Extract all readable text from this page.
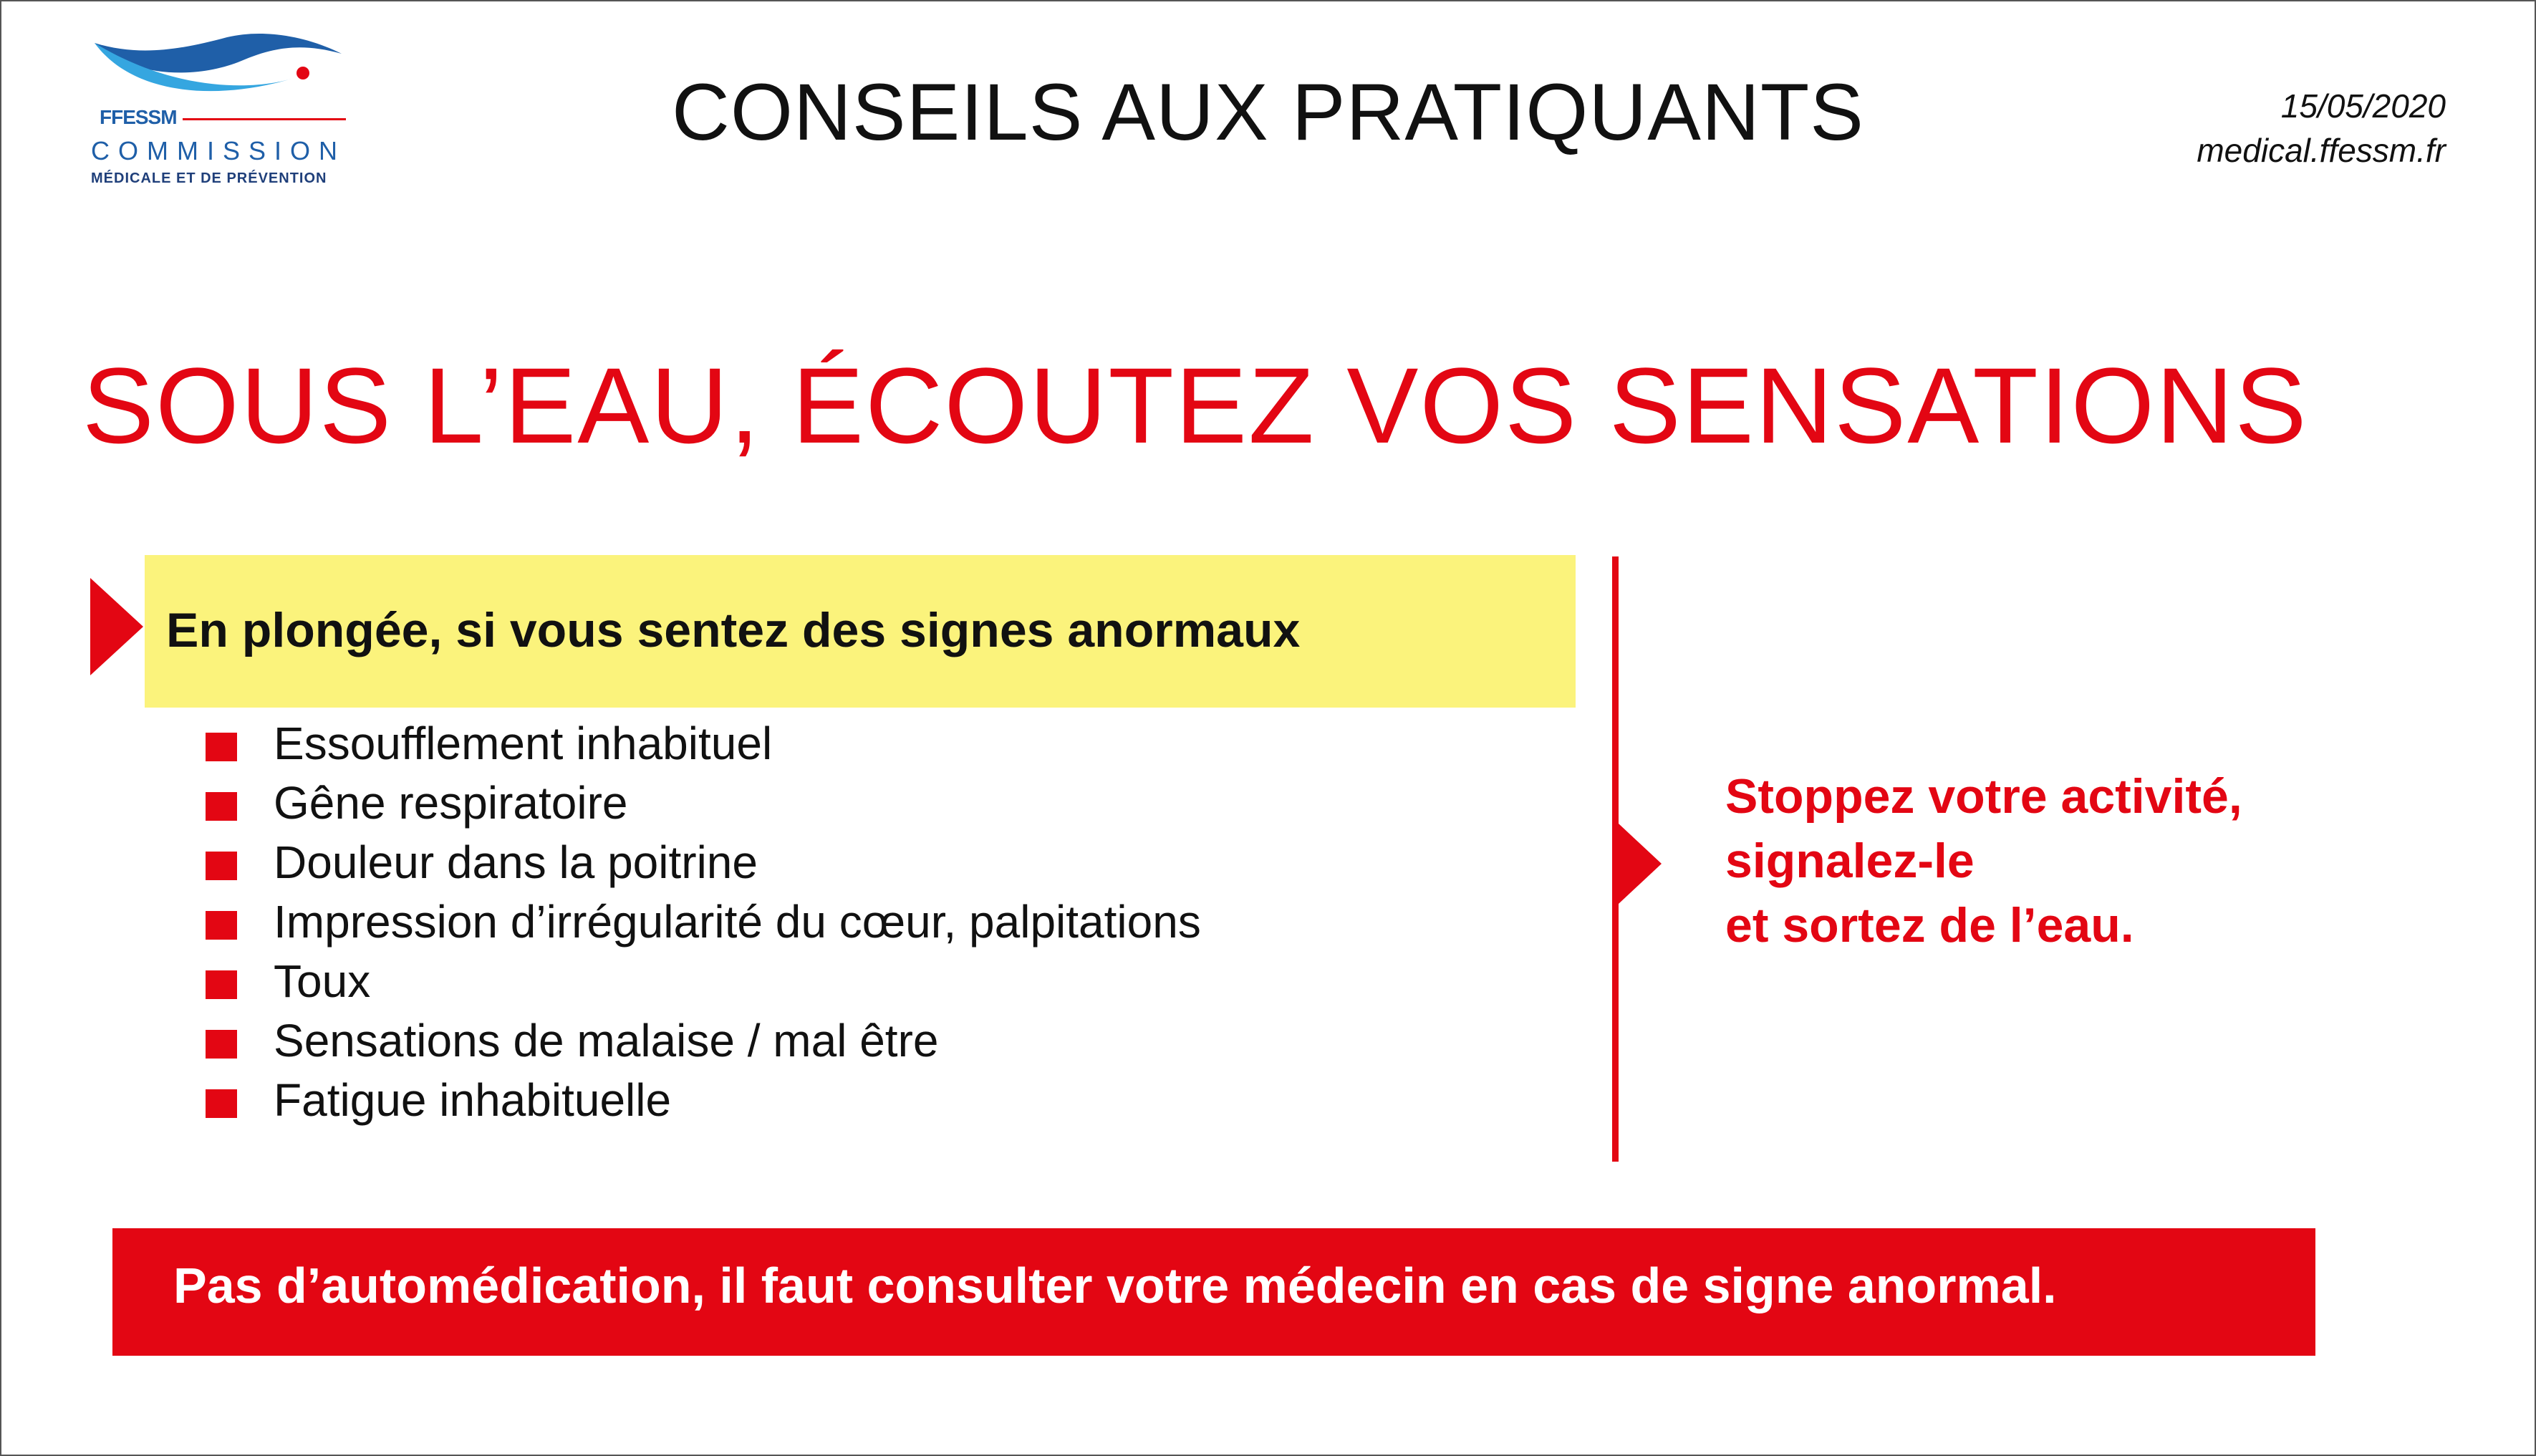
FFESSM
COMMISSION
MÉDICALE ET DE PRÉVENTION
CONSEILS AUX PRATIQUANTS	15/05/2020
medical.ffessm.fr
SOUS L’EAU, ÉCOUTEZ VOS SENSATIONS
En plongée, si vous sentez des signes anormaux
Essoufflement inhabituel
Gêne respiratoire
Douleur dans la poitrine
Impression d’irrégularité du cœur, palpitations
Toux
Sensations de malaise / mal être
Fatigue inhabituelle
Stoppez votre activité,
signalez-le
et sortez de l’eau.
Pas d’automédication, il faut consulter votre médecin en cas de signe anormal.
